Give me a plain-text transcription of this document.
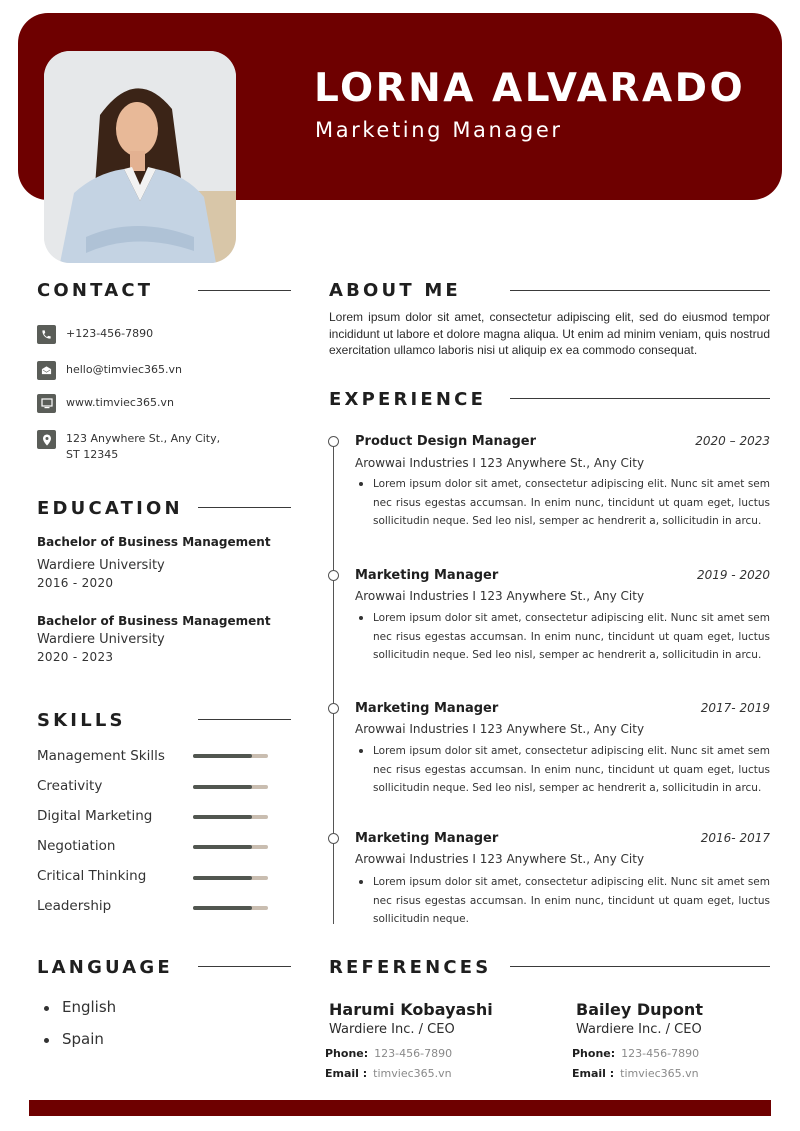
LORNA ALVARADO
Marketing Manager
CONTACT
+123-456-7890
hello@timviec365.vn
www.timviec365.vn
123 Anywhere St., Any City, ST 12345
EDUCATION
Bachelor of Business Management
Wardiere University
2016 - 2020
Bachelor of Business Management
Wardiere University
2020 - 2023
SKILLS
Management Skills
Creativity
Digital Marketing
Negotiation
Critical Thinking
Leadership
LANGUAGE
English
Spain
ABOUT ME
Lorem ipsum dolor sit amet, consectetur adipiscing elit, sed do eiusmod tempor incididunt ut labore et dolore magna aliqua. Ut enim ad minim veniam, quis nostrud exercitation ullamco laboris nisi ut aliquip ex ea commodo consequat.
EXPERIENCE
Product Design Manager	2020 – 2023
Arowwai Industries I 123 Anywhere St., Any City
Lorem ipsum dolor sit amet, consectetur adipiscing elit. Nunc sit amet sem nec risus egestas accumsan. In enim nunc, tincidunt ut quam eget, luctus sollicitudin neque. Sed leo nisl, semper ac hendrerit a, sollicitudin in arcu.
Marketing Manager	2019 - 2020
Arowwai Industries I 123 Anywhere St., Any City
Lorem ipsum dolor sit amet, consectetur adipiscing elit. Nunc sit amet sem nec risus egestas accumsan. In enim nunc, tincidunt ut quam eget, luctus sollicitudin neque. Sed leo nisl, semper ac hendrerit a, sollicitudin in arcu.
Marketing Manager	2017- 2019
Arowwai Industries I 123 Anywhere St., Any City
Lorem ipsum dolor sit amet, consectetur adipiscing elit. Nunc sit amet sem nec risus egestas accumsan. In enim nunc, tincidunt ut quam eget, luctus sollicitudin neque. Sed leo nisl, semper ac hendrerit a, sollicitudin in arcu.
Marketing Manager	2016- 2017
Arowwai Industries I 123 Anywhere St., Any City
Lorem ipsum dolor sit amet, consectetur adipiscing elit. Nunc sit amet sem nec risus egestas accumsan. In enim nunc, tincidunt ut quam eget, luctus sollicitudin neque.
REFERENCES
Harumi Kobayashi
Wardiere Inc. / CEO
Phone: 123-456-7890
Email : timviec365.vn
Bailey Dupont
Wardiere Inc. / CEO
Phone: 123-456-7890
Email : timviec365.vn
